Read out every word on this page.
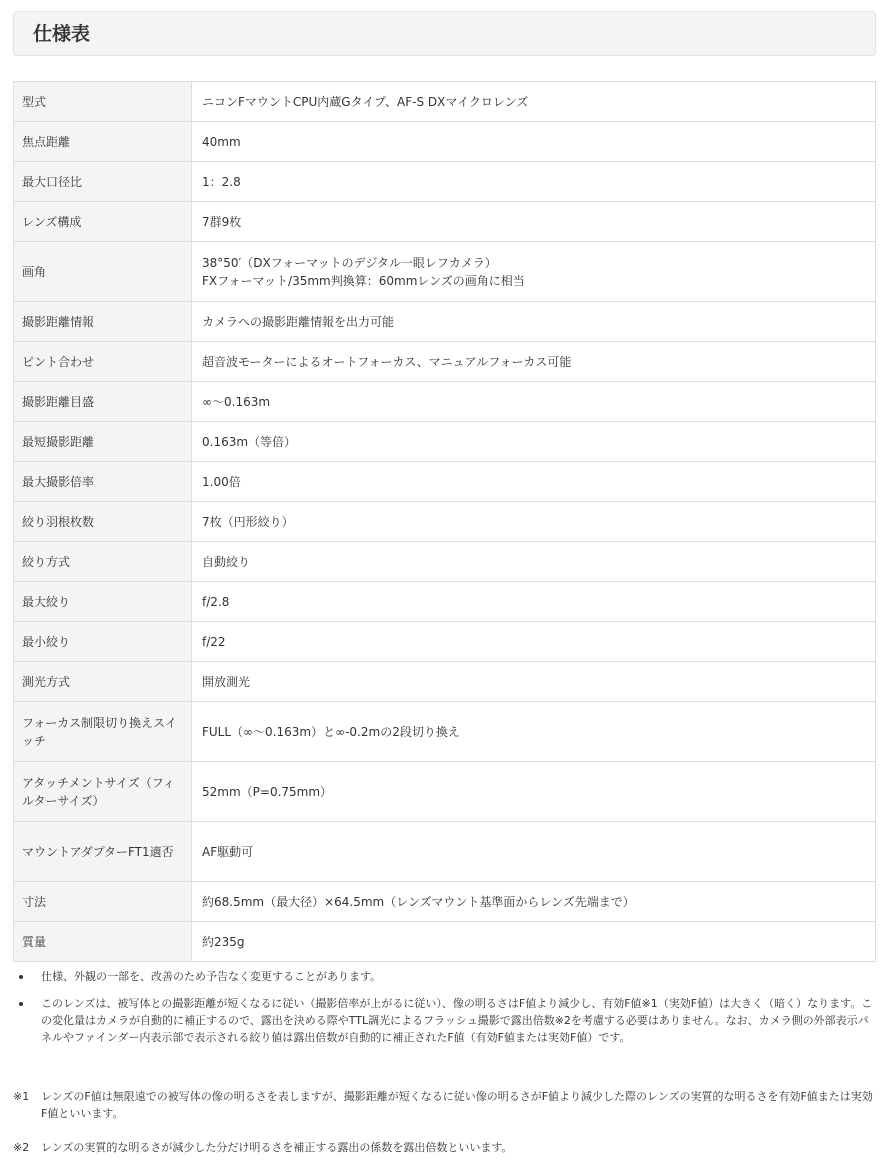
仕様表
型式	ニコンFマウントCPU内蔵Gタイプ、AF-S DXマイクロレンズ
焦点距離	40mm
最大口径比	1：2.8
レンズ構成	7群9枚
画角	38°50′（DXフォーマットのデジタル一眼レフカメラ）
FXフォーマット/35mm判換算：60mmレンズの画角に相当

撮影距離情報	カメラへの撮影距離情報を出力可能
ピント合わせ	超音波モーターによるオートフォーカス、マニュアルフォーカス可能
撮影距離目盛	∞〜0.163m
最短撮影距離	0.163m（等倍）
最大撮影倍率	1.00倍
絞り羽根枚数	7枚（円形絞り）
絞り方式	自動絞り
最大絞り	f/2.8
最小絞り	f/22
測光方式	開放測光
フォーカス制限切り換えスイッチ	FULL（∞〜0.163m）と∞-0.2mの2段切り換え
アタッチメントサイズ（フィルターサイズ）	52mm（P=0.75mm）
マウントアダプターFT1適否	AF駆動可
寸法	約68.5mm（最大径）×64.5mm（レンズマウント基準面からレンズ先端まで）
質量	約235g
仕様、外観の一部を、改善のため予告なく変更することがあります。
このレンズは、被写体との撮影距離が短くなるに従い（撮影倍率が上がるに従い）、像の明るさはF値より減少し、有効F値※1（実効F値）は大きく（暗く）なります。この変化量はカメラが自動的に補正するので、露出を決める際やTTL調光によるフラッシュ撮影で露出倍数※2を考慮する必要はありません。なお、カメラ側の外部表示パネルやファインダー内表示部で表示される絞り値は露出倍数が自動的に補正されたF値（有効F値または実効F値）です。
※1	レンズのF値は無限遠での被写体の像の明るさを表しますが、撮影距離が短くなるに従い像の明るさがF値より減少した際のレンズの実質的な明るさを有効F値または実効F値といいます。
※2	レンズの実質的な明るさが減少した分だけ明るさを補正する露出の係数を露出倍数といいます。
